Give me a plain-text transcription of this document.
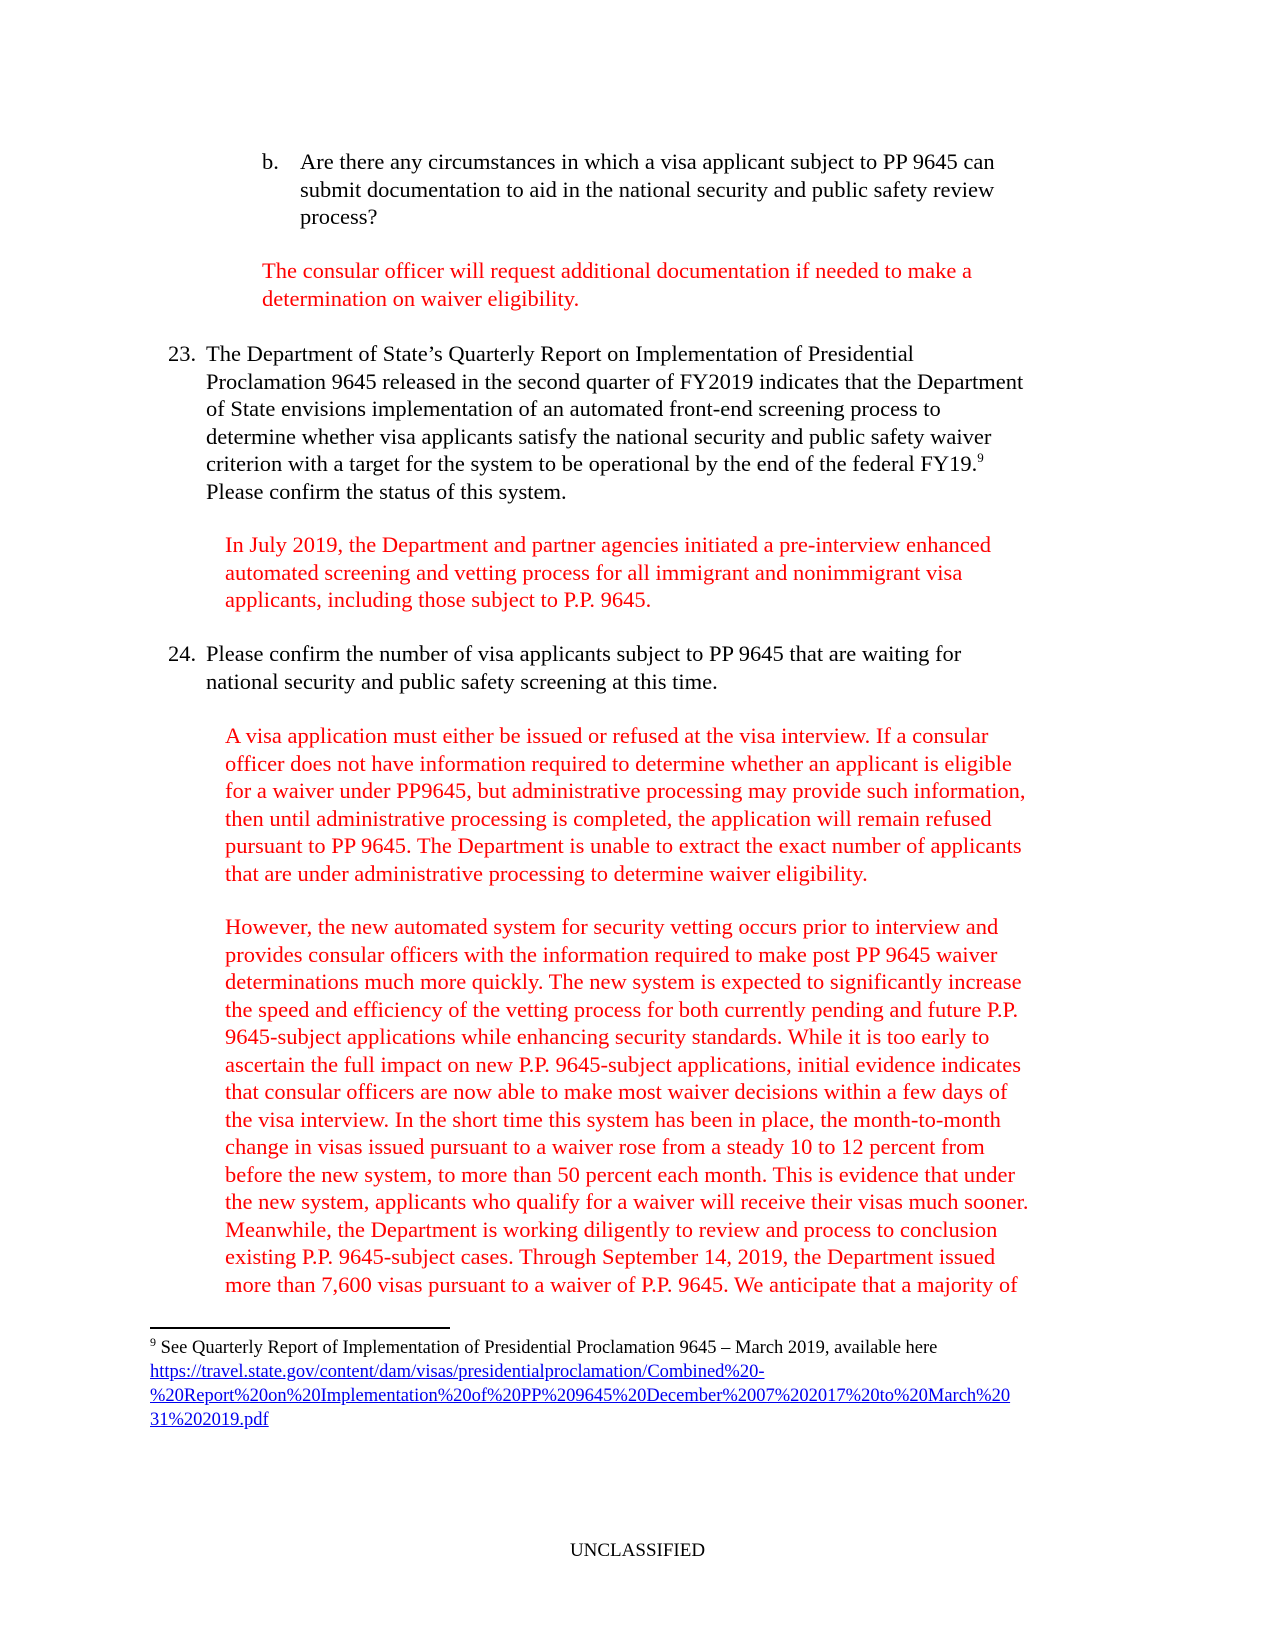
b. Are there any circumstances in which a visa applicant subject to PP 9645 can
submit documentation to aid in the national security and public safety review
process?
The consular officer will request additional documentation if needed to make a
determination on waiver eligibility.
23. The Department of State’s Quarterly Report on Implementation of Presidential
Proclamation 9645 released in the second quarter of FY2019 indicates that the Department
of State envisions implementation of an automated front-end screening process to
determine whether visa applicants satisfy the national security and public safety waiver
criterion with a target for the system to be operational by the end of the federal FY19.$^9$
Please confirm the status of this system.
In July 2019, the Department and partner agencies initiated a pre-interview enhanced
automated screening and vetting process for all immigrant and nonimmigrant visa
applicants, including those subject to P.P. 9645.
24. Please confirm the number of visa applicants subject to PP 9645 that are waiting for
national security and public safety screening at this time.
A visa application must either be issued or refused at the visa interview. If a consular
officer does not have information required to determine whether an applicant is eligible
for a waiver under PP9645, but administrative processing may provide such information,
then until administrative processing is completed, the application will remain refused
pursuant to PP 9645. The Department is unable to extract the exact number of applicants
that are under administrative processing to determine waiver eligibility.
However, the new automated system for security vetting occurs prior to interview and
provides consular officers with the information required to make post PP 9645 waiver
determinations much more quickly. The new system is expected to significantly increase
the speed and efficiency of the vetting process for both currently pending and future P.P.
9645-subject applications while enhancing security standards. While it is too early to
ascertain the full impact on new P.P. 9645-subject applications, initial evidence indicates
that consular officers are now able to make most waiver decisions within a few days of
the visa interview. In the short time this system has been in place, the month-to-month
change in visas issued pursuant to a waiver rose from a steady 10 to 12 percent from
before the new system, to more than 50 percent each month. This is evidence that under
the new system, applicants who qualify for a waiver will receive their visas much sooner.
Meanwhile, the Department is working diligently to review and process to conclusion
existing P.P. 9645-subject cases. Through September 14, 2019, the Department issued
more than 7,600 visas pursuant to a waiver of P.P. 9645. We anticipate that a majority of
$^9$ See Quarterly Report of Implementation of Presidential Proclamation 9645 – March 2019, available here
https://travel.state.gov/content/dam/visas/presidentialproclamation/Combined%20-
%20Report%20on%20Implementation%20of%20PP%209645%20December%2007%202017%20to%20March%20
31%202019.pdf
UNCLASSIFIED
